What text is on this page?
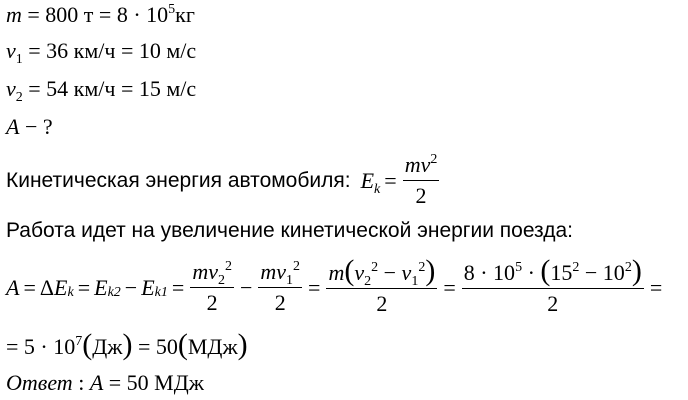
m = 800 $т = 8 \cdot 10^5кг$
$v_1 = 36$ км/ч = 10 м/с
$v_2 = 54$ км/ч = 15 м/с
A − ?
Кинетическая энергия автомобиля: $E_k = \frac{mv^2}{2}$
Работа идет на увеличение кинетической энергии поезда:
A = Δ $E_k = E_{k2} - E_{k1} = \frac{mv_2^2}{2} - \frac{mv_1^2}{2} = \frac{m(v_2^2 - v_1^2)}{2} = \frac{8 \cdot 10^5 \cdot (15^2 - 10^2)}{2}$ =
= $5 \cdot 10^7(Дж) = 50(МДж)$
Ответ : A = 50 МДж
